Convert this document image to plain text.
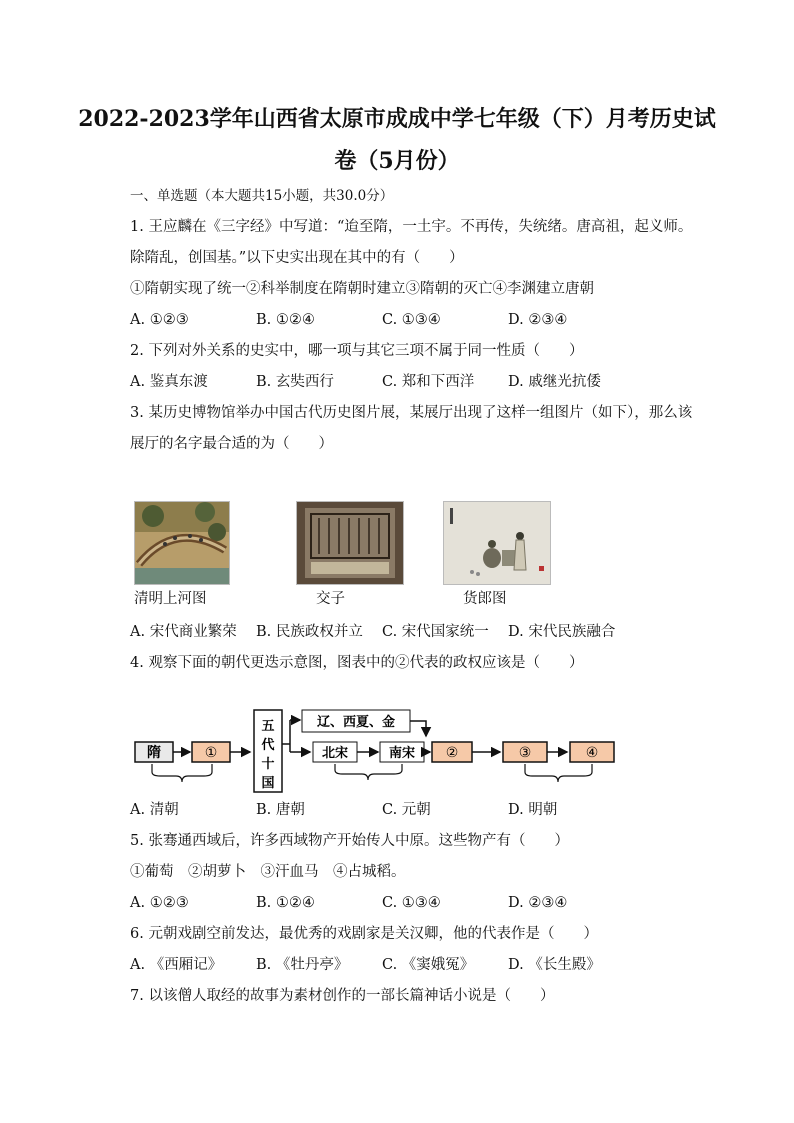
2022-2023学年山西省太原市成成中学七年级（下）月考历史试
卷（5月份）
一、单选题（本大题共15小题，共30.0分）
1. 王应麟在《三字经》中写道：“迨至隋，一土宇。不再传，失统绪。唐高祖，起义师。
除隋乱，创国基。”以下史实出现在其中的有（　　）
①隋朝实现了统一②科举制度在隋朝时建立③隋朝的灭亡④李渊建立唐朝
A. ①②③	B. ①②④	C. ①③④	D. ②③④
2. 下列对外关系的史实中，哪一项与其它三项不属于同一性质（　　）
A. 鉴真东渡	B. 玄奘西行	C. 郑和下西洋 D. 戚继光抗倭
3. 某历史博物馆举办中国古代历史图片展，某展厅出现了这样一组图片（如下），那么该
展厅的名字最合适的为（　　）
清明上河图	交子	货郎图
A. 宋代商业繁荣 B. 民族政权并立 C. 宋代国家统一 D. 宋代民族融合
4. 观察下面的朝代更迭示意图，图表中的②代表的政权应该是（　　）
隋	①
五
代
十
国
辽、西夏、金
北宋	南宋 ②	③	④
A. 清朝	B. 唐朝	C. 元朝	D. 明朝
5. 张骞通西域后，许多西域物产开始传人中原。这些物产有（　　）
①葡萄　②胡萝卜　③汗血马　④占城稻。
A. ①②③	B. ①②④	C. ①③④	D. ②③④
6. 元朝戏剧空前发达，最优秀的戏剧家是关汉卿，他的代表作是（　　）
A. 《西厢记》 B. 《牡丹亭》 C. 《窦娥冤》 D. 《长生殿》
7. 以该僧人取经的故事为素材创作的一部长篇神话小说是（　　）
